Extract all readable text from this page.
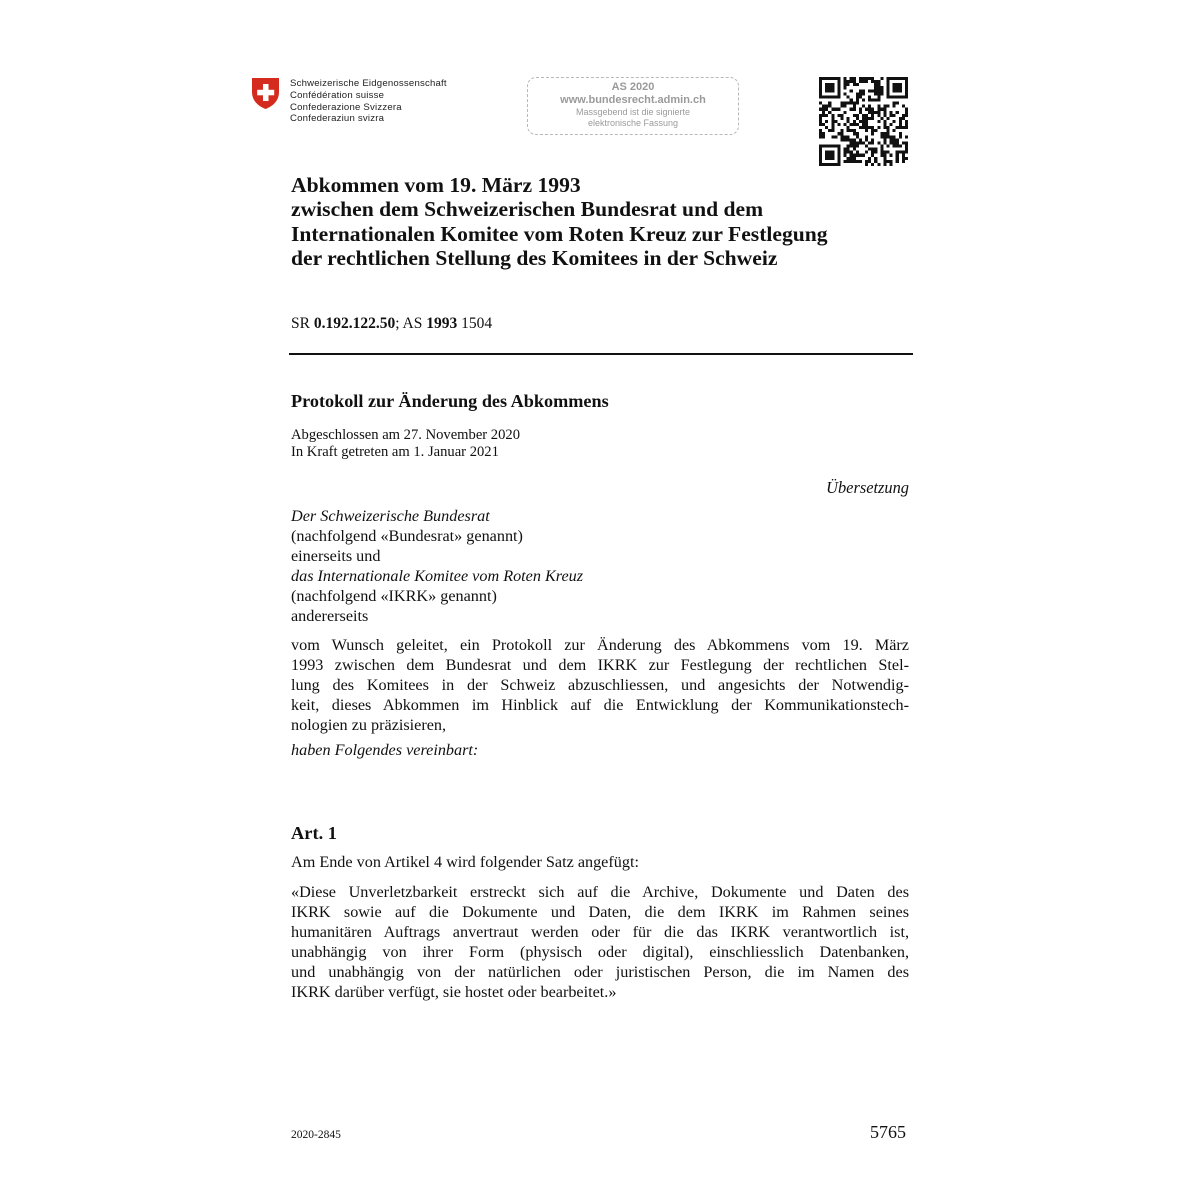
Schweizerische Eidgenossenschaft
Confédération suisse
Confederazione Svizzera
Confederaziun svizra
AS 2020
www.bundesrecht.admin.ch
Massgebend ist die signierte
elektronische Fassung
Abkommen vom 19. März 1993
zwischen dem Schweizerischen Bundesrat und dem
Internationalen Komitee vom Roten Kreuz zur Festlegung
der rechtlichen Stellung des Komitees in der Schweiz
SR 0.192.122.50; AS 1993 1504
Protokoll zur Änderung des Abkommens
Abgeschlossen am 27. November 2020
In Kraft getreten am 1. Januar 2021
Übersetzung
Der Schweizerische Bundesrat
(nachfolgend «Bundesrat» genannt)
einerseits und
das Internationale Komitee vom Roten Kreuz
(nachfolgend «IKRK» genannt)
andererseits
vom Wunsch geleitet, ein Protokoll zur Änderung des Abkommens vom 19. März
1993 zwischen dem Bundesrat und dem IKRK zur Festlegung der rechtlichen Stel-
lung des Komitees in der Schweiz abzuschliessen, und angesichts der Notwendig-
keit, dieses Abkommen im Hinblick auf die Entwicklung der Kommunikationstech-
nologien zu präzisieren,
haben Folgendes vereinbart:
Art. 1
Am Ende von Artikel 4 wird folgender Satz angefügt:
«Diese Unverletzbarkeit erstreckt sich auf die Archive, Dokumente und Daten des
IKRK sowie auf die Dokumente und Daten, die dem IKRK im Rahmen seines
humanitären Auftrags anvertraut werden oder für die das IKRK verantwortlich ist,
unabhängig von ihrer Form (physisch oder digital), einschliesslich Datenbanken,
und unabhängig von der natürlichen oder juristischen Person, die im Namen des
IKRK darüber verfügt, sie hostet oder bearbeitet.»
2020-2845	5765
